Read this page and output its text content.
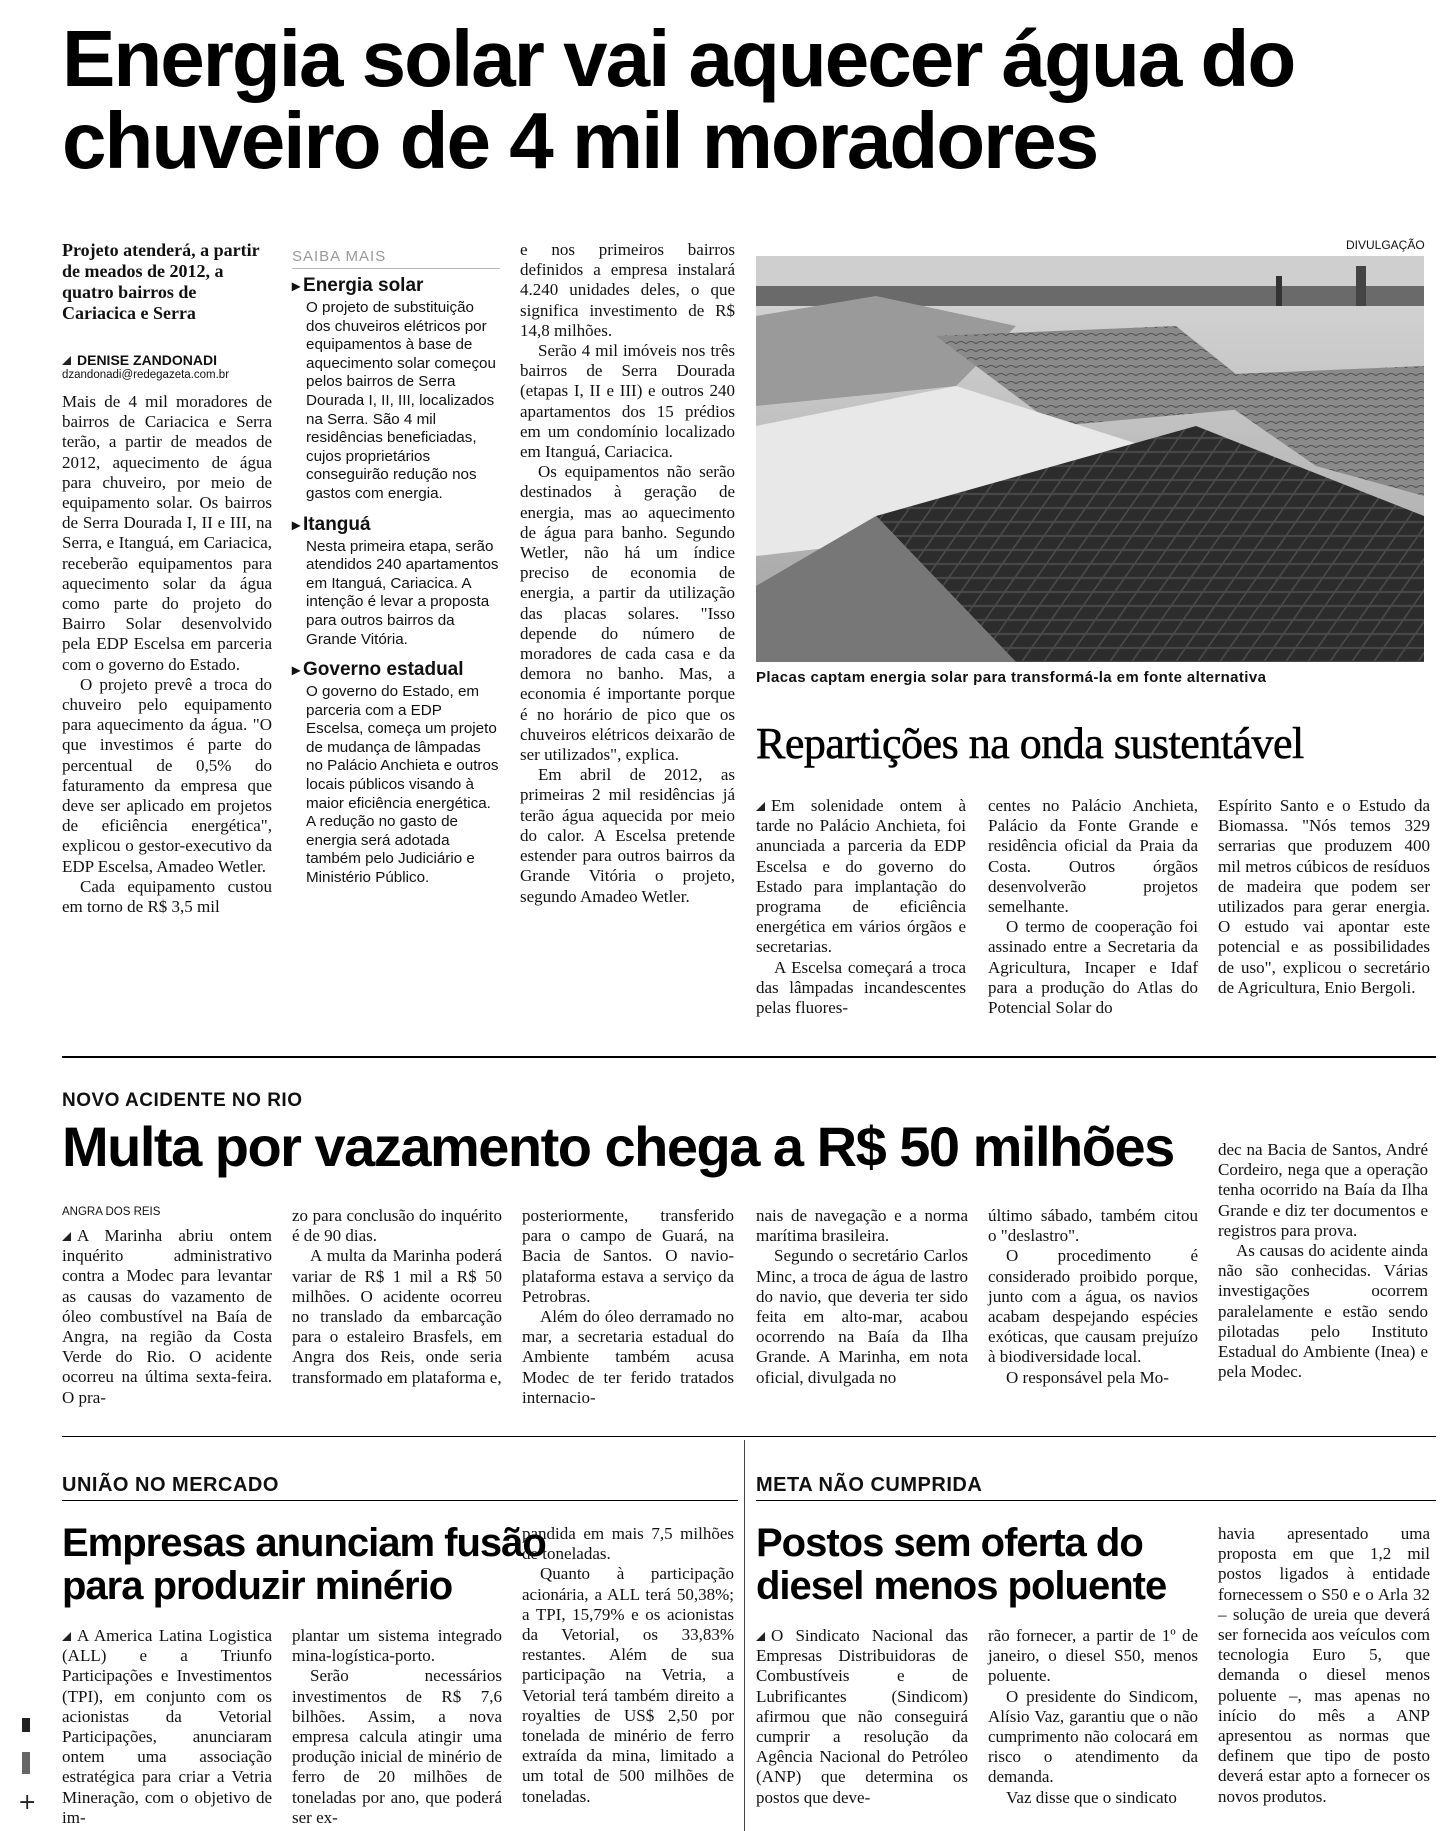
Energia solar vai aquecer água do
chuveiro de 4 mil moradores
Projeto atenderá, a partir de meados de 2012, a quatro bairros de Cariacica e Serra
DENISE ZANDONADI
dzandonadi@redegazeta.com.br

Mais de 4 mil moradores de bairros de Cariacica e Serra terão, a partir de meados de 2012, aquecimento de água para chuveiro, por meio de equipamento solar. Os bairros de Serra Dourada I, II e III, na Serra, e Itanguá, em Cariacica, receberão equipamentos para aquecimento solar da água como parte do projeto do Bairro Solar desenvolvido pela EDP Escelsa em parceria com o governo do Estado.

O projeto prevê a troca do chuveiro pelo equipamento para aquecimento da água. "O que investimos é parte do percentual de 0,5% do faturamento da empresa que deve ser aplicado em projetos de eficiência energética", explicou o gestor-executivo da EDP Escelsa, Amadeo Wetler.

Cada equipamento custou em torno de R$ 3,5 mil

SAIBA MAIS
▸ Energia solar
O projeto de substituição dos chuveiros elétricos por equipamentos à base de aquecimento solar começou pelos bairros de Serra Dourada I, II, III, localizados na Serra. São 4 mil residências beneficiadas, cujos proprietários conseguirão redução nos gastos com energia.
▸ Itanguá
Nesta primeira etapa, serão atendidos 240 apartamentos em Itanguá, Cariacica. A intenção é levar a proposta para outros bairros da Grande Vitória.
▸ Governo estadual
O governo do Estado, em parceria com a EDP Escelsa, começa um projeto de mudança de lâmpadas no Palácio Anchieta e outros locais públicos visando à maior eficiência energética. A redução no gasto de energia será adotada também pelo Judiciário e Ministério Público.

e nos primeiros bairros definidos a empresa instalará 4.240 unidades deles, o que significa investimento de R$ 14,8 milhões.

Serão 4 mil imóveis nos três bairros de Serra Dourada (etapas I, II e III) e outros 240 apartamentos dos 15 prédios em um condomínio localizado em Itanguá, Cariacica.

Os equipamentos não serão destinados à geração de energia, mas ao aquecimento de água para banho. Segundo Wetler, não há um índice preciso de economia de energia, a partir da utilização das placas solares. "Isso depende do número de moradores de cada casa e da demora no banho. Mas, a economia é importante porque é no horário de pico que os chuveiros elétricos deixarão de ser utilizados", explica.

Em abril de 2012, as primeiras 2 mil residências já terão água aquecida por meio do calor. A Escelsa pretende estender para outros bairros da Grande Vitória o projeto, segundo Amadeo Wetler.

DIVULGAÇÃO
Placas captam energia solar para transformá-la em fonte alternativa
Repartições na onda sustentável

Em solenidade ontem à tarde no Palácio Anchieta, foi anunciada a parceria da EDP Escelsa e do governo do Estado para implantação do programa de eficiência energética em vários órgãos e secretarias.

A Escelsa começará a troca das lâmpadas incandescentes pelas fluores-

centes no Palácio Anchieta, Palácio da Fonte Grande e residência oficial da Praia da Costa. Outros órgãos desenvolverão projetos semelhante.

O termo de cooperação foi assinado entre a Secretaria da Agricultura, Incaper e Idaf para a produção do Atlas do Potencial Solar do

Espírito Santo e o Estudo da Biomassa. "Nós temos 329 serrarias que produzem 400 mil metros cúbicos de resíduos de madeira que podem ser utilizados para gerar energia. O estudo vai apontar este potencial e as possibilidades de uso", explicou o secretário de Agricultura, Enio Bergoli.

NOVO ACIDENTE NO RIO
Multa por vazamento chega a R$ 50 milhões
ANGRA DOS REIS

A Marinha abriu ontem inquérito administrativo contra a Modec para levantar as causas do vazamento de óleo combustível na Baía de Angra, na região da Costa Verde do Rio. O acidente ocorreu na última sexta-feira. O pra-

zo para conclusão do inquérito é de 90 dias.

A multa da Marinha poderá variar de R$ 1 mil a R$ 50 milhões. O acidente ocorreu no translado da embarcação para o estaleiro Brasfels, em Angra dos Reis, onde seria transformado em plataforma e,

posteriormente, transferido para o campo de Guará, na Bacia de Santos. O navio-plataforma estava a serviço da Petrobras.

Além do óleo derramado no mar, a secretaria estadual do Ambiente também acusa Modec de ter ferido tratados internacio-

nais de navegação e a norma marítima brasileira.

Segundo o secretário Carlos Minc, a troca de água de lastro do navio, que deveria ter sido feita em alto-mar, acabou ocorrendo na Baía da Ilha Grande. A Marinha, em nota oficial, divulgada no

último sábado, também citou o "deslastro".

O procedimento é considerado proibido porque, junto com a água, os navios acabam despejando espécies exóticas, que causam prejuízo à biodiversidade local.

O responsável pela Mo-

dec na Bacia de Santos, André Cordeiro, nega que a operação tenha ocorrido na Baía da Ilha Grande e diz ter documentos e registros para prova.

As causas do acidente ainda não são conhecidas. Várias investigações ocorrem paralelamente e estão sendo pilotadas pelo Instituto Estadual do Ambiente (Inea) e pela Modec.

UNIÃO NO MERCADO
Empresas anunciam fusão
para produzir minério

A America Latina Logistica (ALL) e a Triunfo Participações e Investimentos (TPI), em conjunto com os acionistas da Vetorial Participações, anunciaram ontem uma associação estratégica para criar a Vetria Mineração, com o objetivo de im-

plantar um sistema integrado mina-logística-porto.

Serão necessários investimentos de R$ 7,6 bilhões. Assim, a nova empresa calcula atingir uma produção inicial de minério de ferro de 20 milhões de toneladas por ano, que poderá ser ex-

pandida em mais 7,5 milhões de toneladas.

Quanto à participação acionária, a ALL terá 50,38%; a TPI, 15,79% e os acionistas da Vetorial, os 33,83% restantes. Além de sua participação na Vetria, a Vetorial terá também direito a royalties de US$ 2,50 por tonelada de minério de ferro extraída da mina, limitado a um total de 500 milhões de toneladas.

META NÃO CUMPRIDA
Postos sem oferta do
diesel menos poluente

O Sindicato Nacional das Empresas Distribuidoras de Combustíveis e de Lubrificantes (Sindicom) afirmou que não conseguirá cumprir a resolução da Agência Nacional do Petróleo (ANP) que determina os postos que deve-

rão fornecer, a partir de 1º de janeiro, o diesel S50, menos poluente.

O presidente do Sindicom, Alísio Vaz, garantiu que o não cumprimento não colocará em risco o atendimento da demanda.

Vaz disse que o sindicato

havia apresentado uma proposta em que 1,2 mil postos ligados à entidade fornecessem o S50 e o Arla 32 – solução de ureia que deverá ser fornecida aos veículos com tecnologia Euro 5, que demanda o diesel menos poluente –, mas apenas no início do mês a ANP apresentou as normas que definem que tipo de posto deverá estar apto a fornecer os novos produtos.

+
